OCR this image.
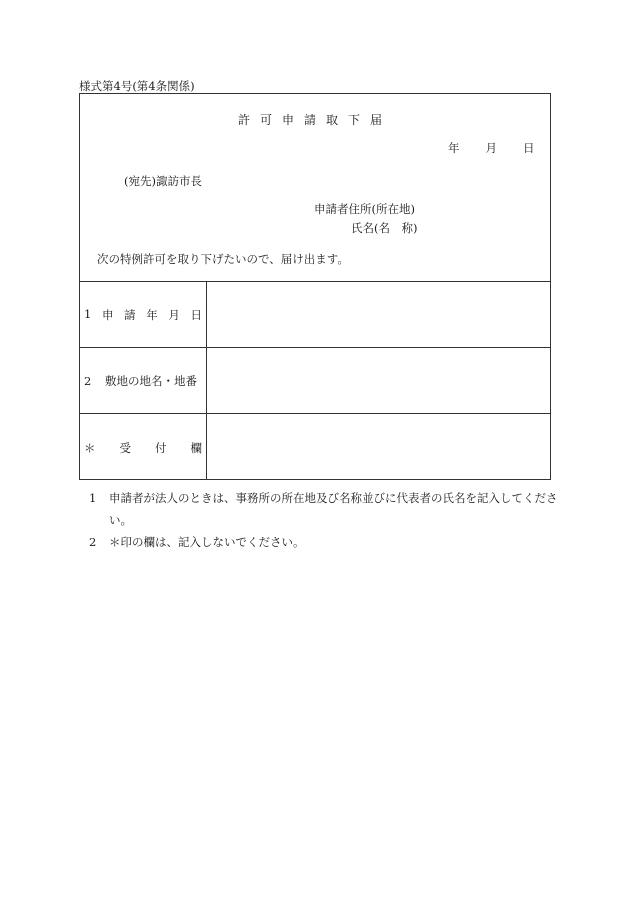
様式第4号(第4条関係)
許可申請取下届
年 月 日
(宛先)諏訪市長
申請者住所(所在地)
氏名(名　称)
次の特例許可を取り下げたいので、届け出ます。
1 申 請 年 月 日
2 敷地の地名・地番
＊ 受 付 欄
1	申請者が法人のときは、事務所の所在地及び名称並びに代表者の氏名を記入してください。
2	＊印の欄は、記入しないでください。
